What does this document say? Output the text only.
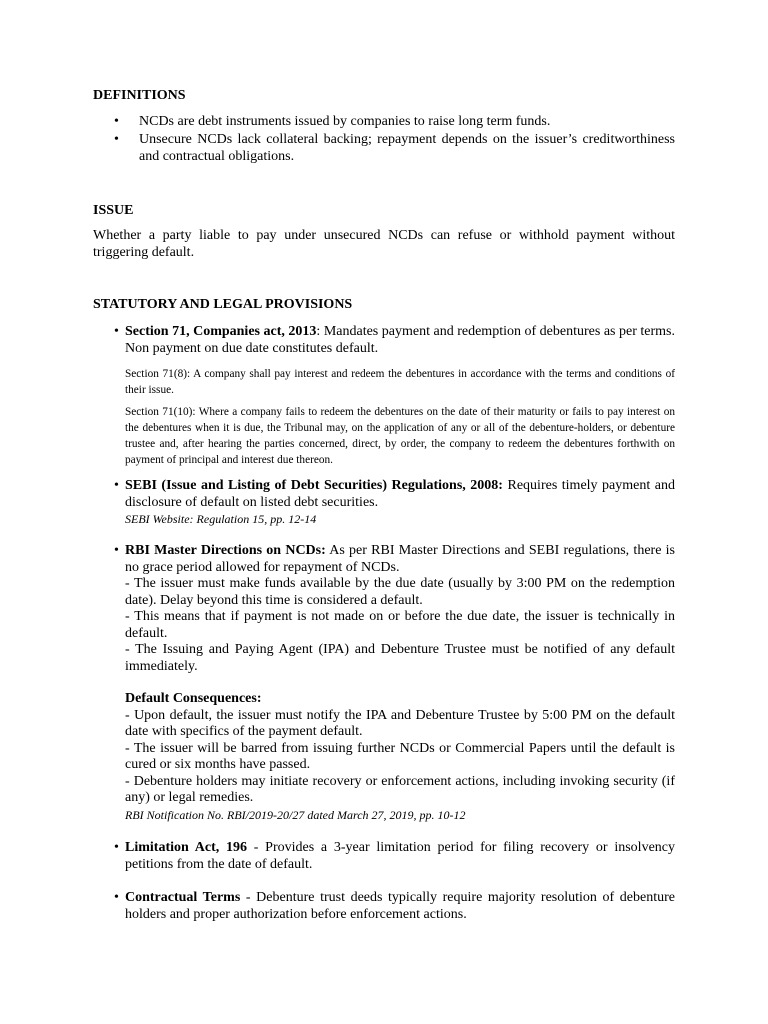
DEFINITIONS
• NCDs are debt instruments issued by companies to raise long term funds.
• Unsecure NCDs lack collateral backing; repayment depends on the issuer’s creditworthiness and contractual obligations.
ISSUE
Whether a party liable to pay under unsecured NCDs can refuse or withhold payment without triggering default.
STATUTORY AND LEGAL PROVISIONS
• Section 71, Companies act, 2013: Mandates payment and redemption of debentures as per terms. Non payment on due date constitutes default.
Section 71(8): A company shall pay interest and redeem the debentures in accordance with the terms and conditions of their issue.
Section 71(10): Where a company fails to redeem the debentures on the date of their maturity or fails to pay interest on the debentures when it is due, the Tribunal may, on the application of any or all of the debenture-holders, or debenture trustee and, after hearing the parties concerned, direct, by order, the company to redeem the debentures forthwith on payment of principal and interest due thereon.
• SEBI (Issue and Listing of Debt Securities) Regulations, 2008: Requires timely payment and disclosure of default on listed debt securities.
SEBI Website: Regulation 15, pp. 12-14
• RBI Master Directions on NCDs: As per RBI Master Directions and SEBI regulations, there is no grace period allowed for repayment of NCDs.
- The issuer must make funds available by the due date (usually by 3:00 PM on the redemption date). Delay beyond this time is considered a default.
- This means that if payment is not made on or before the due date, the issuer is technically in default.
- The Issuing and Paying Agent (IPA) and Debenture Trustee must be notified of any default immediately.
Default Consequences:
- Upon default, the issuer must notify the IPA and Debenture Trustee by 5:00 PM on the default date with specifics of the payment default.
- The issuer will be barred from issuing further NCDs or Commercial Papers until the default is cured or six months have passed.
- Debenture holders may initiate recovery or enforcement actions, including invoking security (if any) or legal remedies.
RBI Notification No. RBI/2019-20/27 dated March 27, 2019, pp. 10-12
• Limitation Act, 196 - Provides a 3-year limitation period for filing recovery or insolvency petitions from the date of default.
• Contractual Terms - Debenture trust deeds typically require majority resolution of debenture holders and proper authorization before enforcement actions.
